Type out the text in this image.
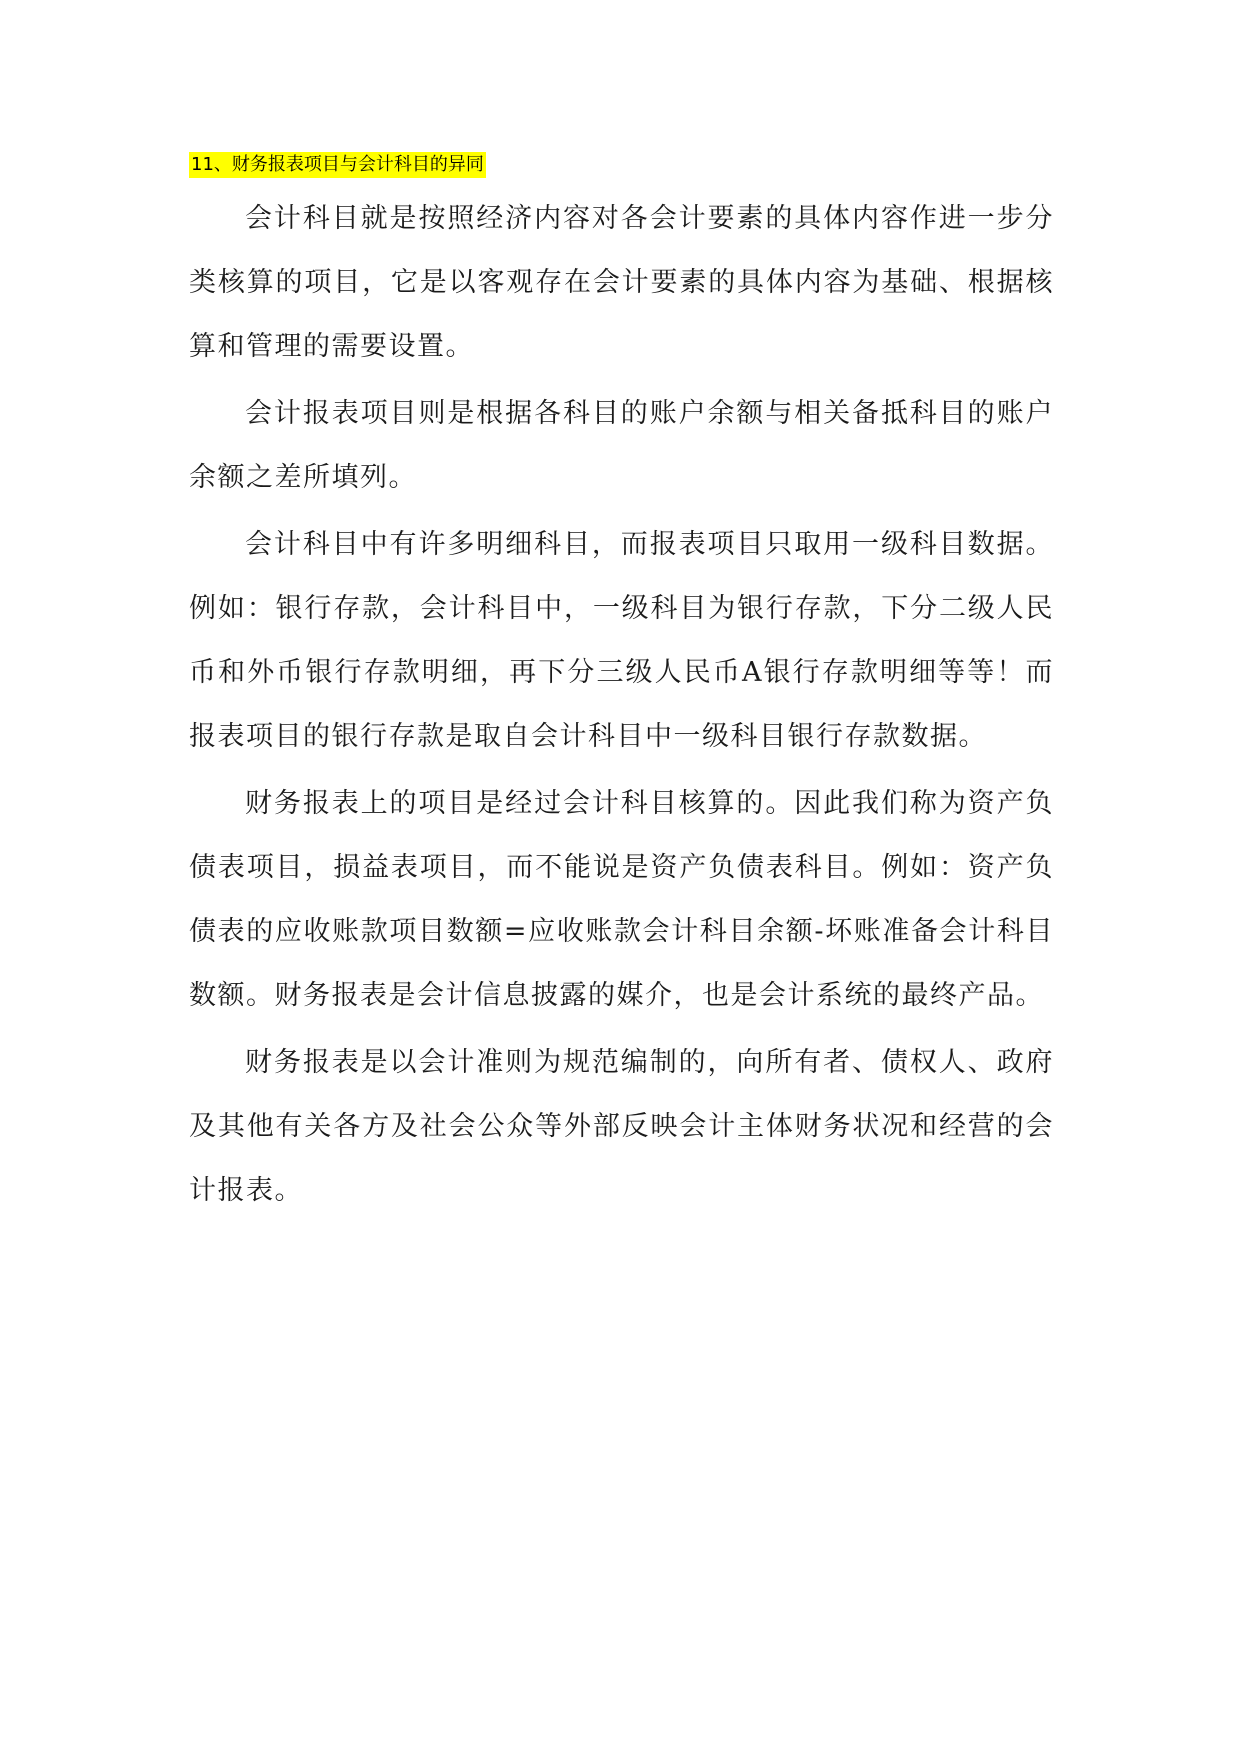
11、财务报表项目与会计科目的异同

会计科目就是按照经济内容对各会计要素的具体内容作进一步分类核算的项目，它是以客观存在会计要素的具体内容为基础、根据核算和管理的需要设置。

会计报表项目则是根据各科目的账户余额与相关备抵科目的账户余额之差所填列。

会计科目中有许多明细科目，而报表项目只取用一级科目数据。例如：银行存款，会计科目中，一级科目为银行存款，下分二级人民币和外币银行存款明细，再下分三级人民币A银行存款明细等等！而报表项目的银行存款是取自会计科目中一级科目银行存款数据。

财务报表上的项目是经过会计科目核算的。因此我们称为资产负债表项目，损益表项目，而不能说是资产负债表科目。例如：资产负债表的应收账款项目数额=应收账款会计科目余额-坏账准备会计科目数额。财务报表是会计信息披露的媒介，也是会计系统的最终产品。

财务报表是以会计准则为规范编制的，向所有者、债权人、政府及其他有关各方及社会公众等外部反映会计主体财务状况和经营的会计报表。
